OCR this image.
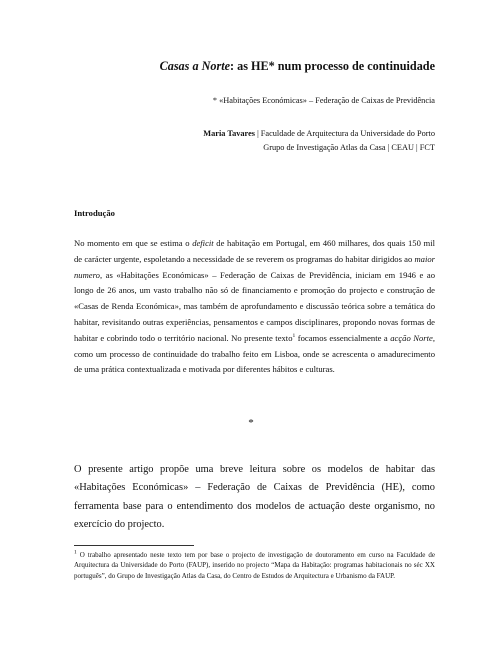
Casas a Norte: as HE* num processo de continuidade
* «Habitações Económicas» – Federação de Caixas de Previdência
Maria Tavares | Faculdade de Arquitectura da Universidade do Porto
Grupo de Investigação Atlas da Casa | CEAU | FCT
Introdução

No momento em que se estima o deficit de habitação em Portugal, em 460 milhares, dos quais 150 mil de carácter urgente, espoletando a necessidade de se reverem os programas do habitar dirigidos ao maior numero, as «Habitações Económicas» – Federação de Caixas de Previdência, iniciam em 1946 e ao longo de 26 anos, um vasto trabalho não só de financiamento e promoção do projecto e construção de «Casas de Renda Económica», mas também de aprofundamento e discussão teórica sobre a temática do habitar, revisitando outras experiências, pensamentos e campos disciplinares, propondo novas formas de habitar e cobrindo todo o território nacional. No presente texto$^1$ focamos essencialmente a acção Norte, como um processo de continuidade do trabalho feito em Lisboa, onde se acrescenta o amadurecimento de uma prática contextualizada e motivada por diferentes hábitos e culturas.

*

O presente artigo propõe uma breve leitura sobre os modelos de habitar das «Habitações Económicas» – Federação de Caixas de Previdência (HE), como ferramenta base para o entendimento dos modelos de actuação deste organismo, no exercício do projecto.

$^1$ O trabalho apresentado neste texto tem por base o projecto de investigação de doutoramento em curso na Faculdade de Arquitectura da Universidade do Porto (FAUP), inserido no projecto “Mapa da Habitação: programas habitacionais no séc XX português”, do Grupo de Investigação Atlas da Casa, do Centro de Estudos de Arquitectura e Urbanismo da FAUP.
